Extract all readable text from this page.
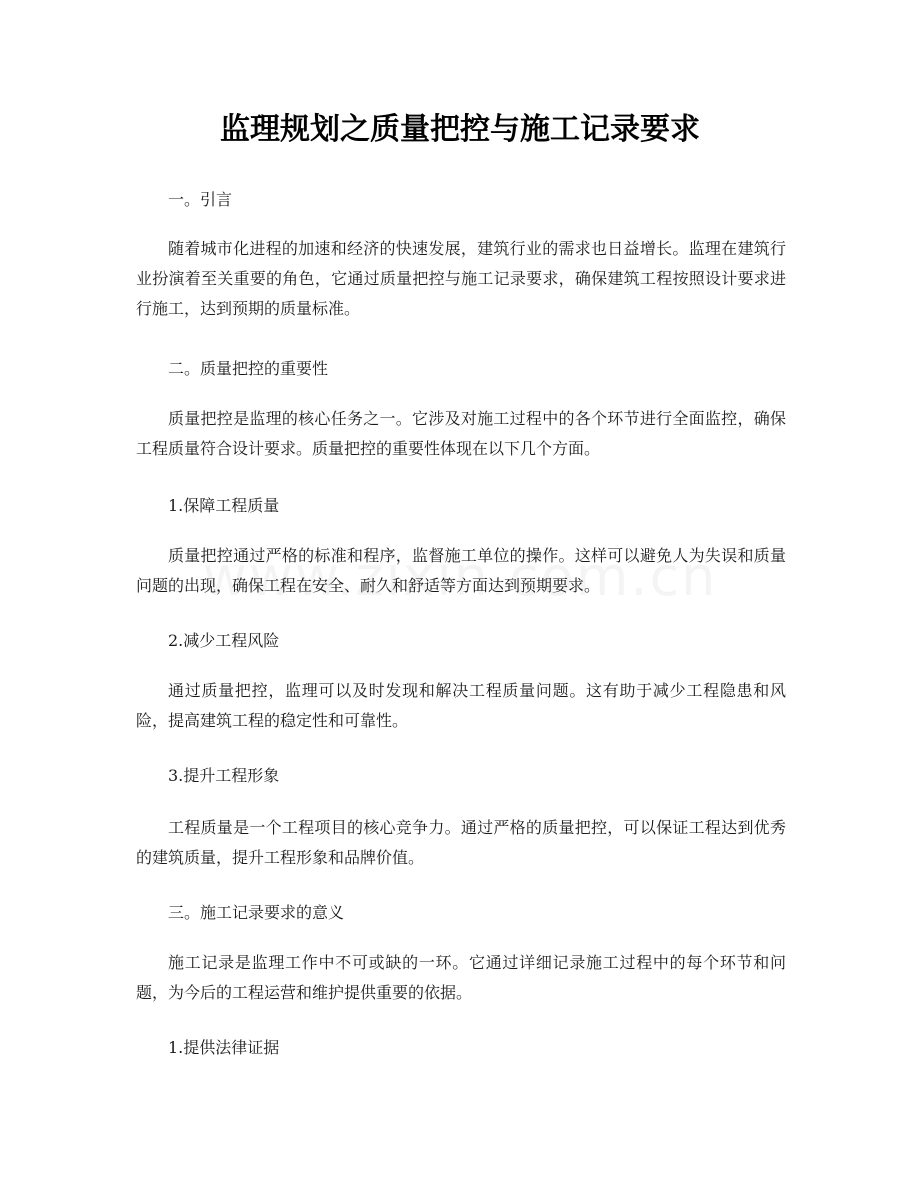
监理规划之质量把控与施工记录要求
一。引言

随着城市化进程的加速和经济的快速发展，建筑行业的需求也日益增长。监理在建筑行业扮演着至关重要的角色，它通过质量把控与施工记录要求，确保建筑工程按照设计要求进行施工，达到预期的质量标准。

二。质量把控的重要性

质量把控是监理的核心任务之一。它涉及对施工过程中的各个环节进行全面监控，确保工程质量符合设计要求。质量把控的重要性体现在以下几个方面。

1.保障工程质量

质量把控通过严格的标准和程序，监督施工单位的操作。这样可以避免人为失误和质量问题的出现，确保工程在安全、耐久和舒适等方面达到预期要求。

2.减少工程风险

通过质量把控，监理可以及时发现和解决工程质量问题。这有助于减少工程隐患和风险，提高建筑工程的稳定性和可靠性。

3.提升工程形象

工程质量是一个工程项目的核心竞争力。通过严格的质量把控，可以保证工程达到优秀的建筑质量，提升工程形象和品牌价值。

三。施工记录要求的意义

施工记录是监理工作中不可或缺的一环。它通过详细记录施工过程中的每个环节和问题，为今后的工程运营和维护提供重要的依据。

1.提供法律证据
